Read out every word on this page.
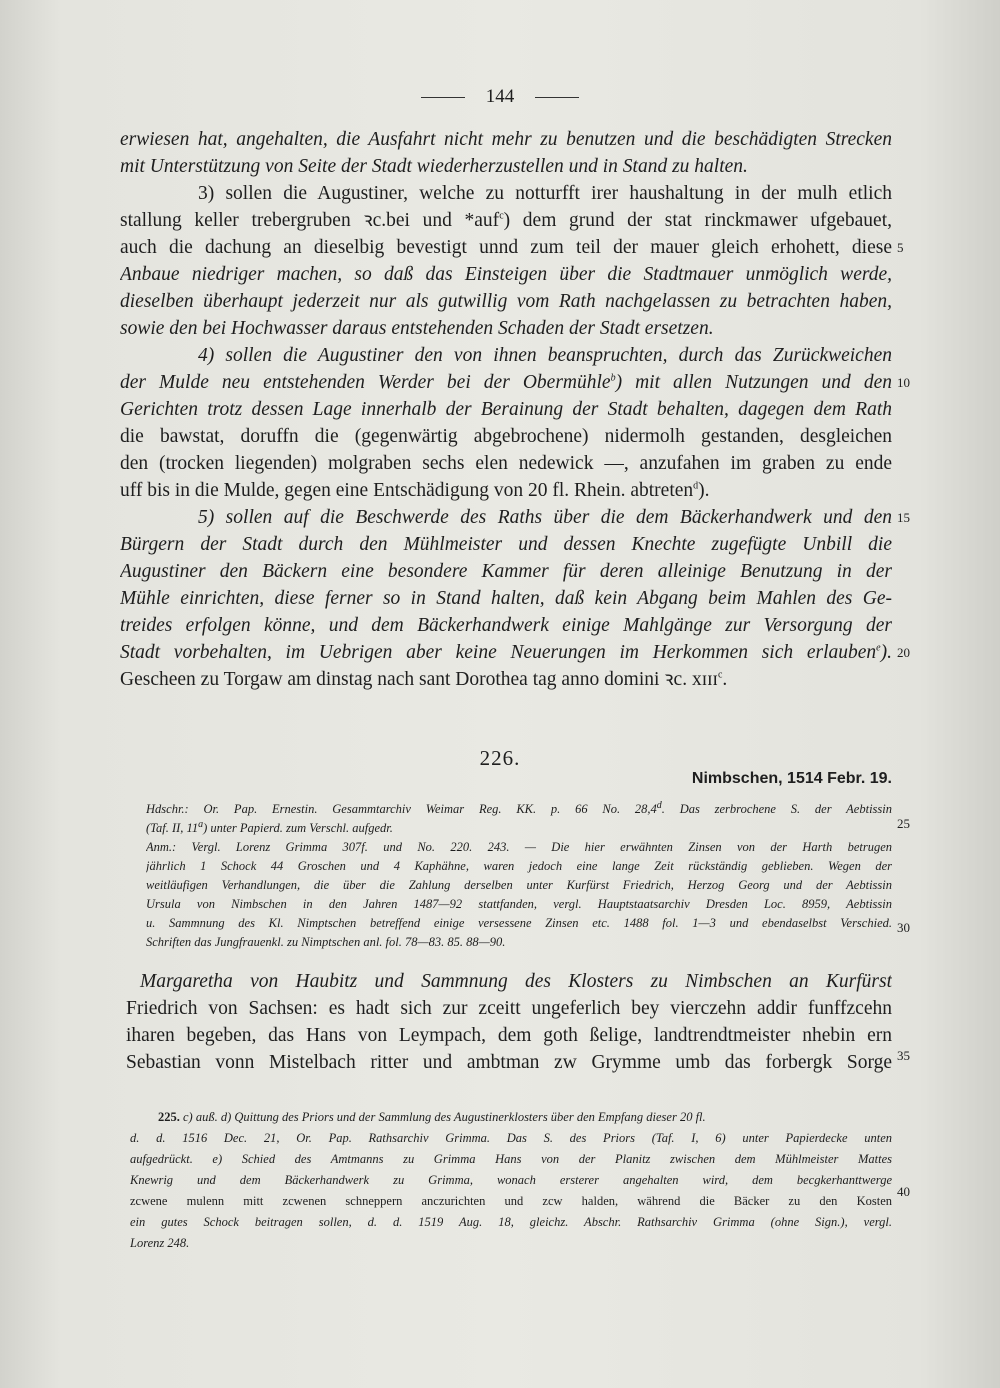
144
erwiesen hat, angehalten, die Ausfahrt nicht mehr zu benutzen und die beschädigten Strecken
mit Unterstützung von Seite der Stadt wiederherzustellen und in Stand zu halten.
3) sollen die Augustiner, welche zu notturfft irer haushaltung in der mulh etlich
stallung keller trebergruben ꝛc.bei und *auf$^c$) dem grund der stat rinckmawer ufgebauet,
auch die dachung an dieselbig bevestigt unnd zum teil der mauer gleich erhohett, diese
Anbaue niedriger machen, so daß das Einsteigen über die Stadtmauer unmöglich werde,
dieselben überhaupt jederzeit nur als gutwillig vom Rath nachgelassen zu betrachten haben,
sowie den bei Hochwasser daraus entstehenden Schaden der Stadt ersetzen.
4) sollen die Augustiner den von ihnen beanspruchten, durch das Zurückweichen
der Mulde neu entstehenden Werder bei der Obermühle$^b$) mit allen Nutzungen und den
Gerichten trotz dessen Lage innerhalb der Berainung der Stadt behalten, dagegen dem Rath
die bawstat, doruffn die (gegenwärtig abgebrochene) nidermolh gestanden, desgleichen
den (trocken liegenden) molgraben sechs elen nedewick —, anzufahen im graben zu ende
uff bis in die Mulde, gegen eine Entschädigung von 20 fl. Rhein. abtreten$^d$).
5) sollen auf die Beschwerde des Raths über die dem Bäckerhandwerk und den
Bürgern der Stadt durch den Mühlmeister und dessen Knechte zugefügte Unbill die
Augustiner den Bäckern eine besondere Kammer für deren alleinige Benutzung in der
Mühle einrichten, diese ferner so in Stand halten, daß kein Abgang beim Mahlen des Ge-
treides erfolgen könne, und dem Bäckerhandwerk einige Mahlgänge zur Versorgung der
Stadt vorbehalten, im Uebrigen aber keine Neuerungen im Herkommen sich erlauben$^e$).
Gescheen zu Torgaw am dinstag nach sant Dorothea tag anno domini ꝛc. xɪɪɪ$^c$.
226.
Nimbschen, 1514 Febr. 19.
Hdschr.: Or. Pap. Ernestin. Gesammtarchiv Weimar Reg. KK. p. 66 No. 28,4$^d$. Das zerbrochene S. der Aebtissin
(Taf. II, 11$^a$) unter Papierd. zum Verschl. aufgedr.
Anm.: Vergl. Lorenz Grimma 307f. und No. 220. 243. — Die hier erwähnten Zinsen von der Harth betrugen
jährlich 1 Schock 44 Groschen und 4 Kaphähne, waren jedoch eine lange Zeit rückständig geblieben. Wegen der
weitläufigen Verhandlungen, die über die Zahlung derselben unter Kurfürst Friedrich, Herzog Georg und der Aebtissin
Ursula von Nimbschen in den Jahren 1487—92 stattfanden, vergl. Hauptstaatsarchiv Dresden Loc. 8959, Aebtissin
u. Sammnung des Kl. Nimptschen betreffend einige versessene Zinsen etc. 1488 fol. 1—3 und ebendaselbst Verschied.
Schriften das Jungfrauenkl. zu Nimptschen anl. fol. 78—83. 85. 88—90.
Margaretha von Haubitz und Sammnung des Klosters zu Nimbschen an Kurfürst
Friedrich von Sachsen: es hadt sich zur zceitt ungeferlich bey vierczehn addir funffzcehn
iharen begeben, das Hans von Leympach, dem goth ßelige, landtrendtmeister nhebin ern
Sebastian vonn Mistelbach ritter und ambtman zw Grymme umb das forbergk Sorge
225. c) auß. d) Quittung des Priors und der Sammlung des Augustinerklosters über den Empfang dieser 20 fl.
d. d. 1516 Dec. 21, Or. Pap. Rathsarchiv Grimma. Das S. des Priors (Taf. I, 6) unter Papierdecke unten
aufgedrückt. e) Schied des Amtmanns zu Grimma Hans von der Planitz zwischen dem Mühlmeister Mattes
Knewrig und dem Bäckerhandwerk zu Grimma, wonach ersterer angehalten wird, dem becgkerhanttwerge
zcwene mulenn mitt zcwenen schneppern anczurichten und zcw halden, während die Bäcker zu den Kosten
ein gutes Schock beitragen sollen, d. d. 1519 Aug. 18, gleichz. Abschr. Rathsarchiv Grimma (ohne Sign.), vergl.
Lorenz 248.
5
10
15
20
25
30
35
40
